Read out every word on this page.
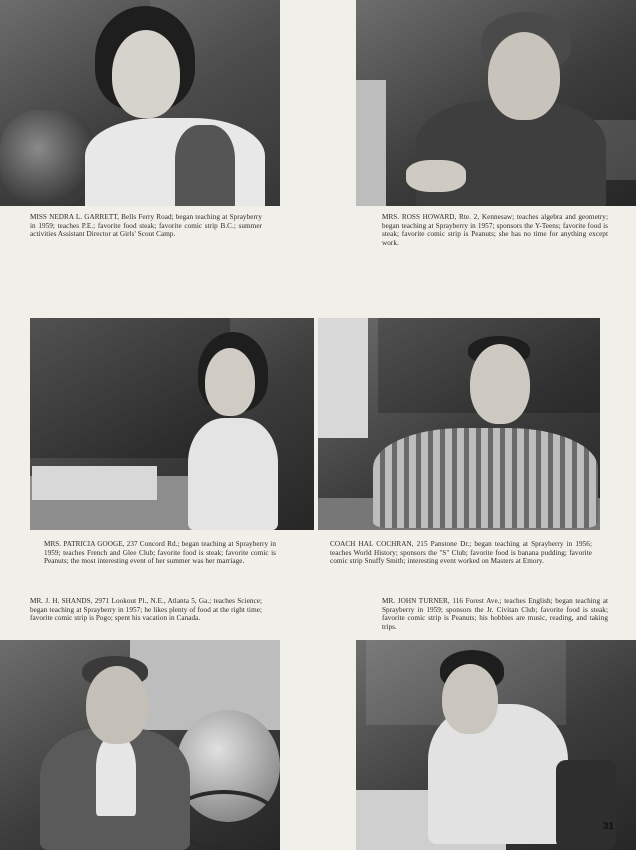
MISS NEDRA L. GARRETT, Bells Ferry Road; began teaching at Sprayberry in 1959; teaches P.E.; favorite food steak; favorite comic strip B.C.; summer activities Assistant Director at Girls' Scout Camp.
MRS. ROSS HOWARD, Rte. 2, Kennesaw; teaches algebra and geometry; began teaching at Sprayberry in 1957; sponsors the Y-Teens; favorite food is steak; favorite comic strip is Peanuts; she has no time for anything except work.
MRS. PATRICIA GOOGE, 237 Concord Rd.; began teaching at Sprayberry in 1959; teaches French and Glee Club; favorite food is steak; favorite comic is Peanuts; the most interesting event of her summer was her marriage.
COACH HAL COCHRAN, 215 Panstone Dr.; began teaching at Sprayberry in 1956; teaches World History; sponsors the "S" Club; favorite food is banana pudding; favorite comic strip Snuffy Smith; interesting event worked on Masters at Emory.
MR. J. H. SHANDS, 2971 Lookout Pl., N.E., Atlanta 5, Ga.; teaches Science; began teaching at Sprayberry in 1957; he likes plenty of food at the right time; favorite comic strip is Pogo; spent his vacation in Canada.
MR. JOHN TURNER, 116 Forest Ave.; teaches English; began teaching at Sprayberry in 1959; sponsors the Jr. Civitan Club; favorite food is steak; favorite comic strip is Peanuts; his hobbies are music, reading, and taking trips.
31
